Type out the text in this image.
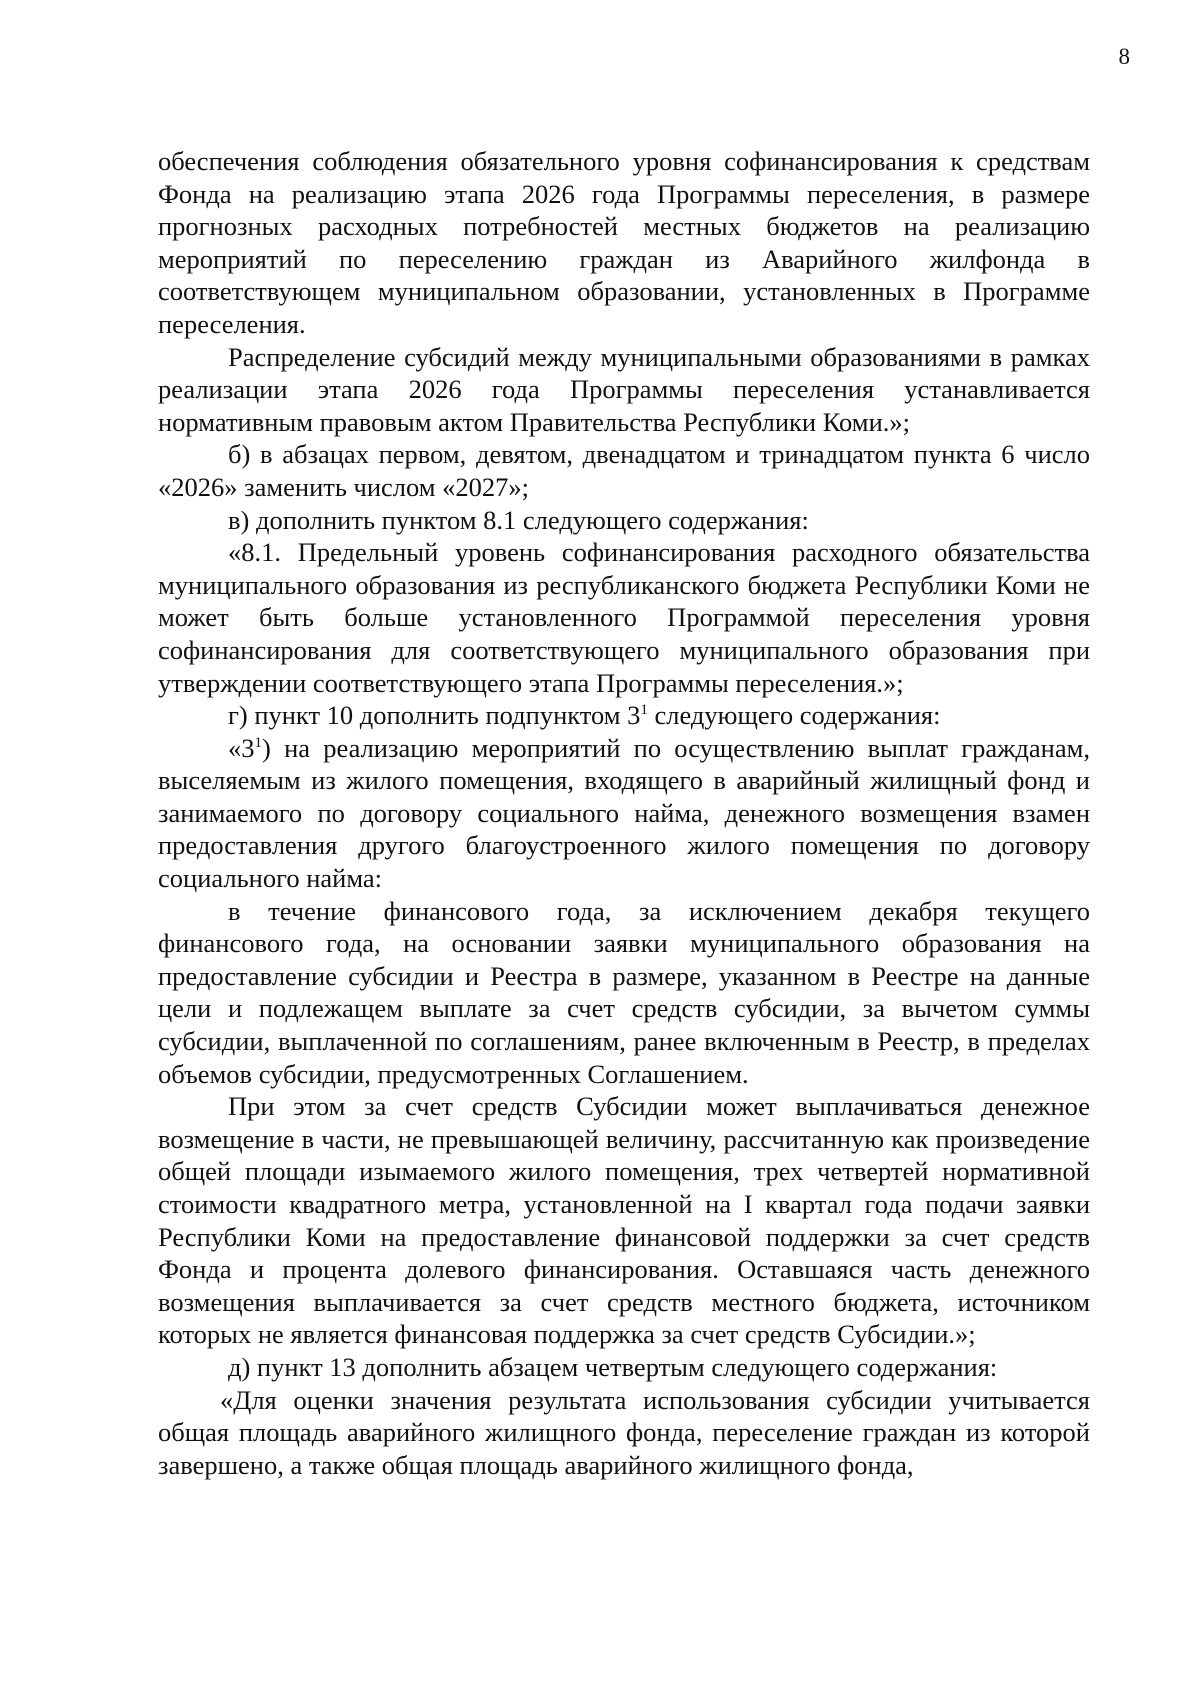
8

обеспечения соблюдения обязательного уровня софинансирования к средствам Фонда на реализацию этапа 2026 года Программы переселения, в размере прогнозных расходных потребностей местных бюджетов на реализацию мероприятий по переселению граждан из Аварийного жилфонда в соответствующем муниципальном образовании, установленных в Программе переселения.

Распределение субсидий между муниципальными образованиями в рамках реализации этапа 2026 года Программы переселения устанавливается нормативным правовым актом Правительства Республики Коми.»;

б) в абзацах первом, девятом, двенадцатом и тринадцатом пункта 6 число «2026» заменить числом «2027»;

в) дополнить пунктом 8.1 следующего содержания:

«8.1. Предельный уровень софинансирования расходного обязательства муниципального образования из республиканского бюджета Республики Коми не может быть больше установленного Программой переселения уровня софинансирования для соответствующего муниципального образования при утверждении соответствующего этапа Программы переселения.»;

г) пункт 10 дополнить подпунктом $3^1$ следующего содержания:

«$3^1$) на реализацию мероприятий по осуществлению выплат гражданам, выселяемым из жилого помещения, входящего в аварийный жилищный фонд и занимаемого по договору социального найма, денежного возмещения взамен предоставления другого благоустроенного жилого помещения по договору социального найма:

в течение финансового года, за исключением декабря текущего финансового года, на основании заявки муниципального образования на предоставление субсидии и Реестра в размере, указанном в Реестре на данные цели и подлежащем выплате за счет средств субсидии, за вычетом суммы субсидии, выплаченной по соглашениям, ранее включенным в Реестр, в пределах объемов субсидии, предусмотренных Соглашением.

При этом за счет средств Субсидии может выплачиваться денежное возмещение в части, не превышающей величину, рассчитанную как произведение общей площади изымаемого жилого помещения, трех четвертей нормативной стоимости квадратного метра, установленной на I квартал года подачи заявки Республики Коми на предоставление финансовой поддержки за счет средств Фонда и процента долевого финансирования. Оставшаяся часть денежного возмещения выплачивается за счет средств местного бюджета, источником которых не является финансовая поддержка за счет средств Субсидии.»;

д) пункт 13 дополнить абзацем четвертым следующего содержания:

«Для оценки значения результата использования субсидии учитывается общая площадь аварийного жилищного фонда, переселение граждан из которой завершено, а также общая площадь аварийного жилищного фонда,
